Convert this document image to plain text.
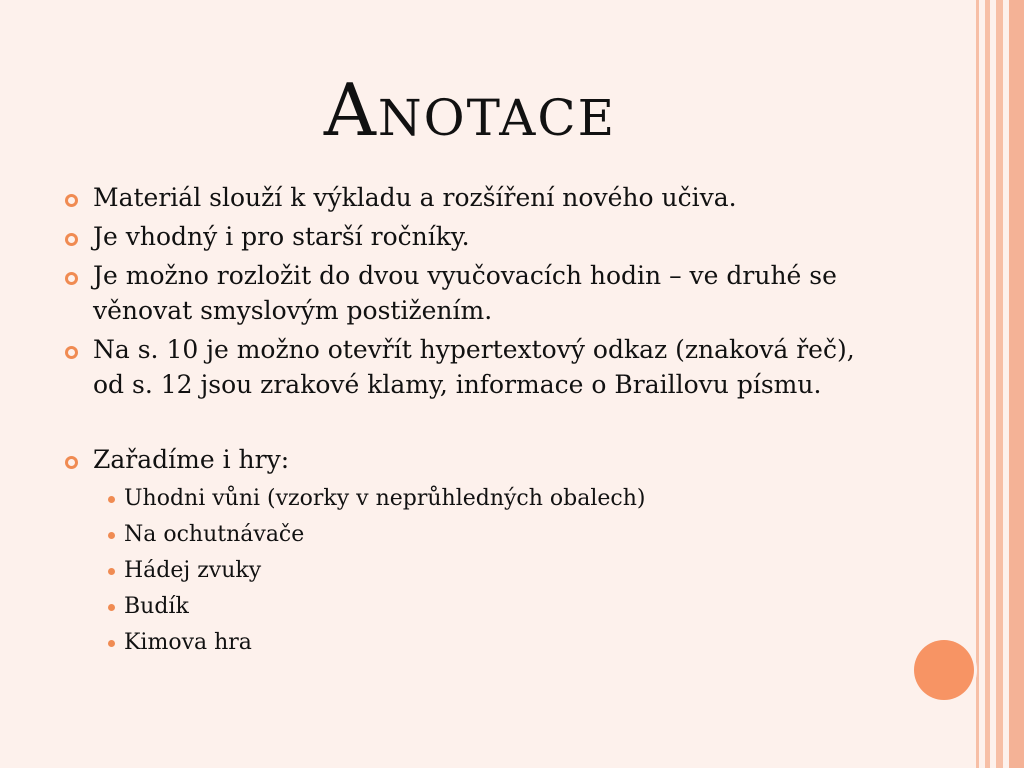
Anotace
Materiál slouží k výkladu a rozšíření nového učiva.
Je vhodný i pro starší ročníky.
Je možno rozložit do dvou vyučovacích hodin – ve druhé se věnovat smyslovým postižením.
Na s. 10 je možno otevřít hypertextový odkaz (znaková řeč), od s. 12 jsou zrakové klamy, informace o Braillovu písmu.
Zařadíme i hry:
Uhodni vůni (vzorky v neprůhledných obalech)
Na ochutnávače
Hádej zvuky
Budík
Kimova hra
